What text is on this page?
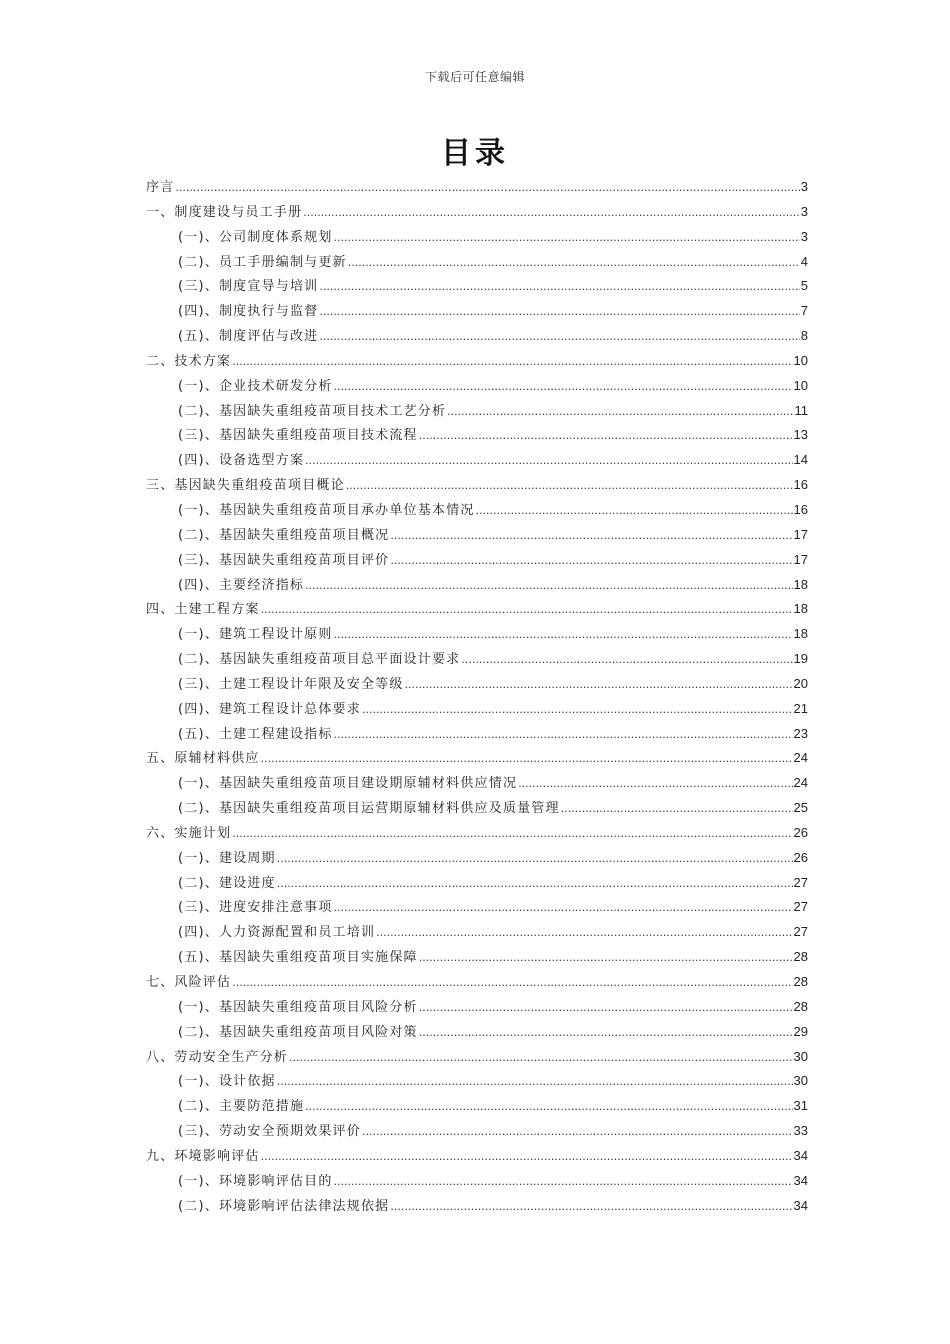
下载后可任意编辑
目录
序言 .....	3
一、制度建设与员工手册 .....	3
(一)、公司制度体系规划 .....	3
(二)、员工手册编制与更新 .....	4
(三)、制度宣导与培训 .....	5
(四)、制度执行与监督 .....	7
(五)、制度评估与改进 .....	8
二、技术方案 .....	10
(一)、企业技术研发分析 .....	10
(二)、基因缺失重组疫苗项目技术工艺分析 .....	11
(三)、基因缺失重组疫苗项目技术流程 .....	13
(四)、设备选型方案 .....	14
三、基因缺失重组疫苗项目概论 .....	16
(一)、基因缺失重组疫苗项目承办单位基本情况 .....	16
(二)、基因缺失重组疫苗项目概况 .....	17
(三)、基因缺失重组疫苗项目评价 .....	17
(四)、主要经济指标 .....	18
四、土建工程方案 .....	18
(一)、建筑工程设计原则 .....	18
(二)、基因缺失重组疫苗项目总平面设计要求 .....	19
(三)、土建工程设计年限及安全等级 .....	20
(四)、建筑工程设计总体要求 .....	21
(五)、土建工程建设指标 .....	23
五、原辅材料供应 .....	24
(一)、基因缺失重组疫苗项目建设期原辅材料供应情况 .....	24
(二)、基因缺失重组疫苗项目运营期原辅材料供应及质量管理 .....	25
六、实施计划 .....	26
(一)、建设周期 .....	26
(二)、建设进度 .....	27
(三)、进度安排注意事项 .....	27
(四)、人力资源配置和员工培训 .....	27
(五)、基因缺失重组疫苗项目实施保障 .....	28
七、风险评估 .....	28
(一)、基因缺失重组疫苗项目风险分析 .....	28
(二)、基因缺失重组疫苗项目风险对策 .....	29
八、劳动安全生产分析 .....	30
(一)、设计依据 .....	30
(二)、主要防范措施 .....	31
(三)、劳动安全预期效果评价 .....	33
九、环境影响评估 .....	34
(一)、环境影响评估目的 .....	34
(二)、环境影响评估法律法规依据 .....	34
